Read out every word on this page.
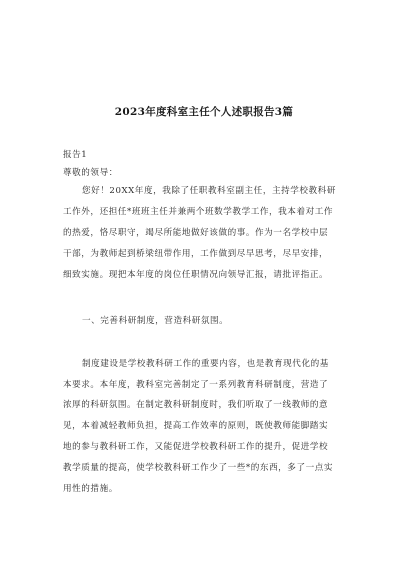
2023年度科室主任个人述职报告3篇
报告1
尊敬的领导：
您好！20XX年度，我除了任职教科室副主任，主持学校教科研
工作外，还担任*班班主任并兼两个班数学教学工作，我本着对工作
的热爱，恪尽职守，竭尽所能地做好该做的事。作为一名学校中层
干部，为教师起到桥梁纽带作用，工作做到尽早思考，尽早安排，
细致实施。现把本年度的岗位任职情况向领导汇报，请批评指正。
一、完善科研制度，营造科研氛围。
制度建设是学校教科研工作的重要内容，也是教育现代化的基
本要求。本年度，教科室完善制定了一系列教育科研制度，营造了
浓厚的科研氛围。在制定教科研制度时，我们听取了一线教师的意
见，本着减轻教师负担，提高工作效率的原则，既使教师能脚踏实
地的参与教科研工作，又能促进学校教科研工作的提升，促进学校
教学质量的提高，使学校教科研工作少了一些*的东西，多了一点实
用性的措施。
